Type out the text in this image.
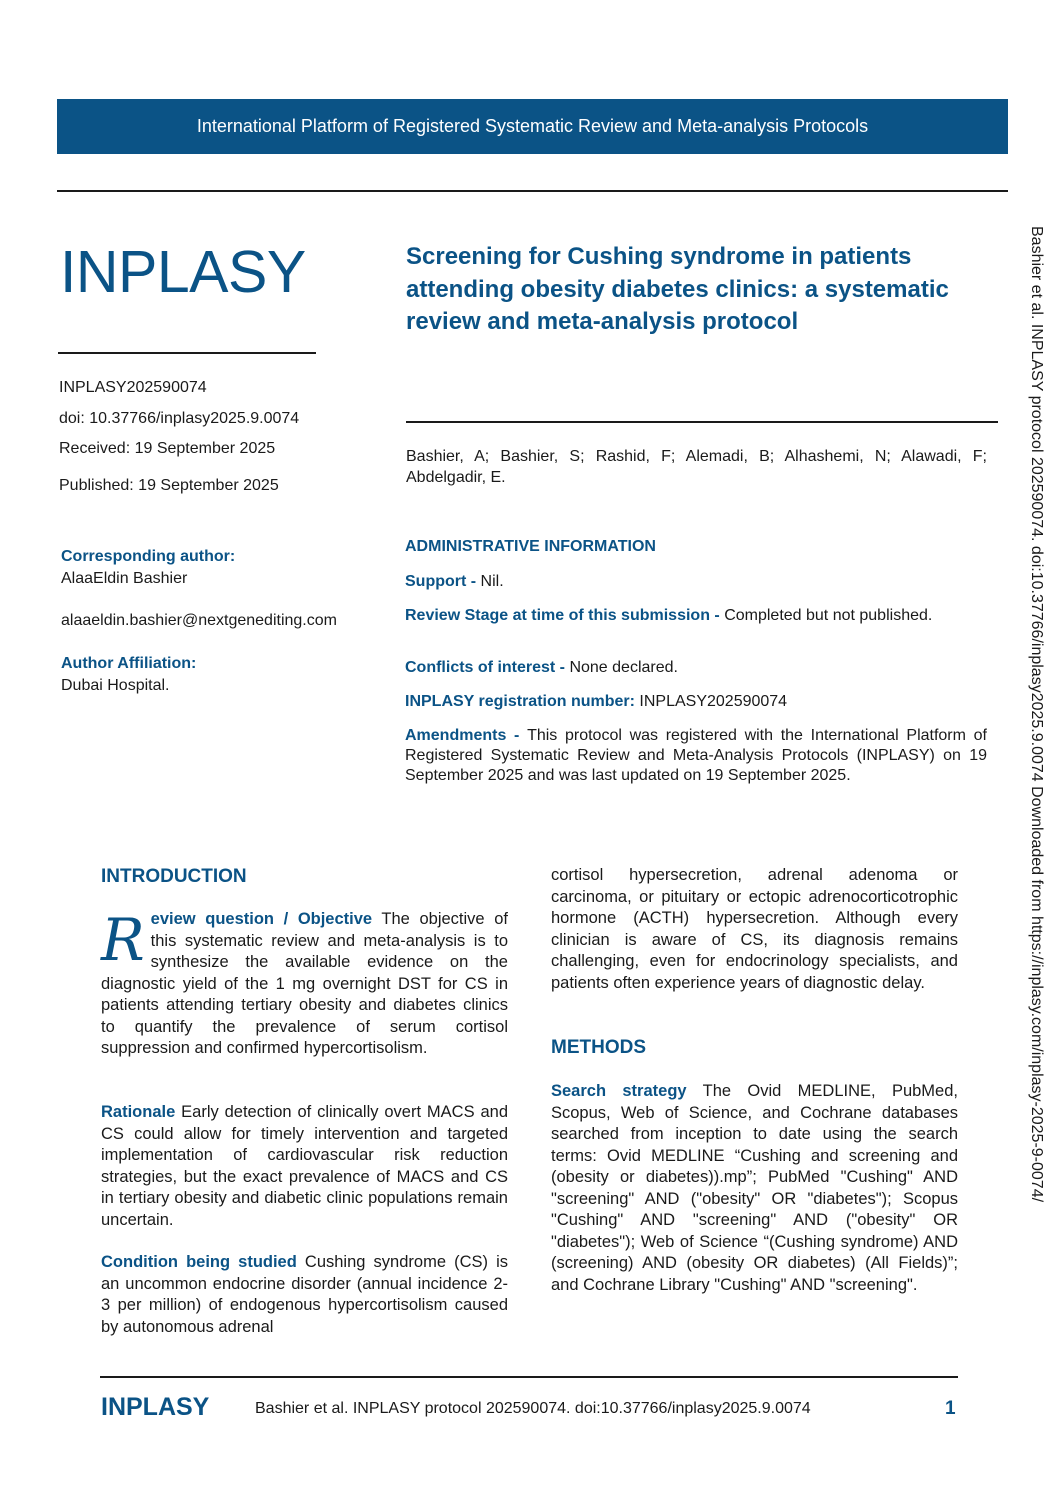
International Platform of Registered Systematic Review and Meta-analysis Protocols
INPLASY
INPLASY202590074
doi: 10.37766/inplasy2025.9.0074
Received: 19 September 2025
Published: 19 September 2025
Screening for Cushing syndrome in patients attending obesity diabetes clinics: a systematic review and meta-analysis protocol
Bashier, A; Bashier, S; Rashid, F; Alemadi, B; Alhashemi, N; Alawadi, F; Abdelgadir, E.
Corresponding author:
AlaaEldin Bashier
alaaeldin.bashier@nextgenediting.com
Author Affiliation:
Dubai Hospital.
ADMINISTRATIVE INFORMATION
Support - Nil.
Review Stage at time of this submission - Completed but not published.
Conflicts of interest - None declared.
INPLASY registration number: INPLASY202590074
Amendments - This protocol was registered with the International Platform of Registered Systematic Review and Meta-Analysis Protocols (INPLASY) on 19 September 2025 and was last updated on 19 September 2025.
INTRODUCTION
Review question / Objective The objective of this systematic review and meta-analysis is to synthesize the available evidence on the diagnostic yield of the 1 mg overnight DST for CS in patients attending tertiary obesity and diabetes clinics to quantify the prevalence of serum cortisol suppression and confirmed hypercortisolism.
Rationale Early detection of clinically overt MACS and CS could allow for timely intervention and targeted implementation of cardiovascular risk reduction strategies, but the exact prevalence of MACS and CS in tertiary obesity and diabetic clinic populations remain uncertain.
Condition being studied Cushing syndrome (CS) is an uncommon endocrine disorder (annual incidence 2-3 per million) of endogenous hypercortisolism caused by autonomous adrenal
cortisol hypersecretion, adrenal adenoma or carcinoma, or pituitary or ectopic adrenocorticotrophic hormone (ACTH) hypersecretion. Although every clinician is aware of CS, its diagnosis remains challenging, even for endocrinology specialists, and patients often experience years of diagnostic delay.
METHODS
Search strategy The Ovid MEDLINE, PubMed, Scopus, Web of Science, and Cochrane databases searched from inception to date using the search terms: Ovid MEDLINE “Cushing and screening and (obesity or diabetes)).mp”; PubMed "Cushing" AND "screening" AND ("obesity" OR "diabetes"); Scopus "Cushing" AND "screening" AND ("obesity" OR "diabetes"); Web of Science “(Cushing syndrome) AND (screening) AND (obesity OR diabetes) (All Fields)”; and Cochrane Library "Cushing" AND "screening".
INPLASY	Bashier et al. INPLASY protocol 202590074. doi:10.37766/inplasy2025.9.0074	1
Bashier et al. INPLASY protocol 202590074. doi:10.37766/inplasy2025.9.0074 Downloaded from https://inplasy.com/inplasy-2025-9-0074/
